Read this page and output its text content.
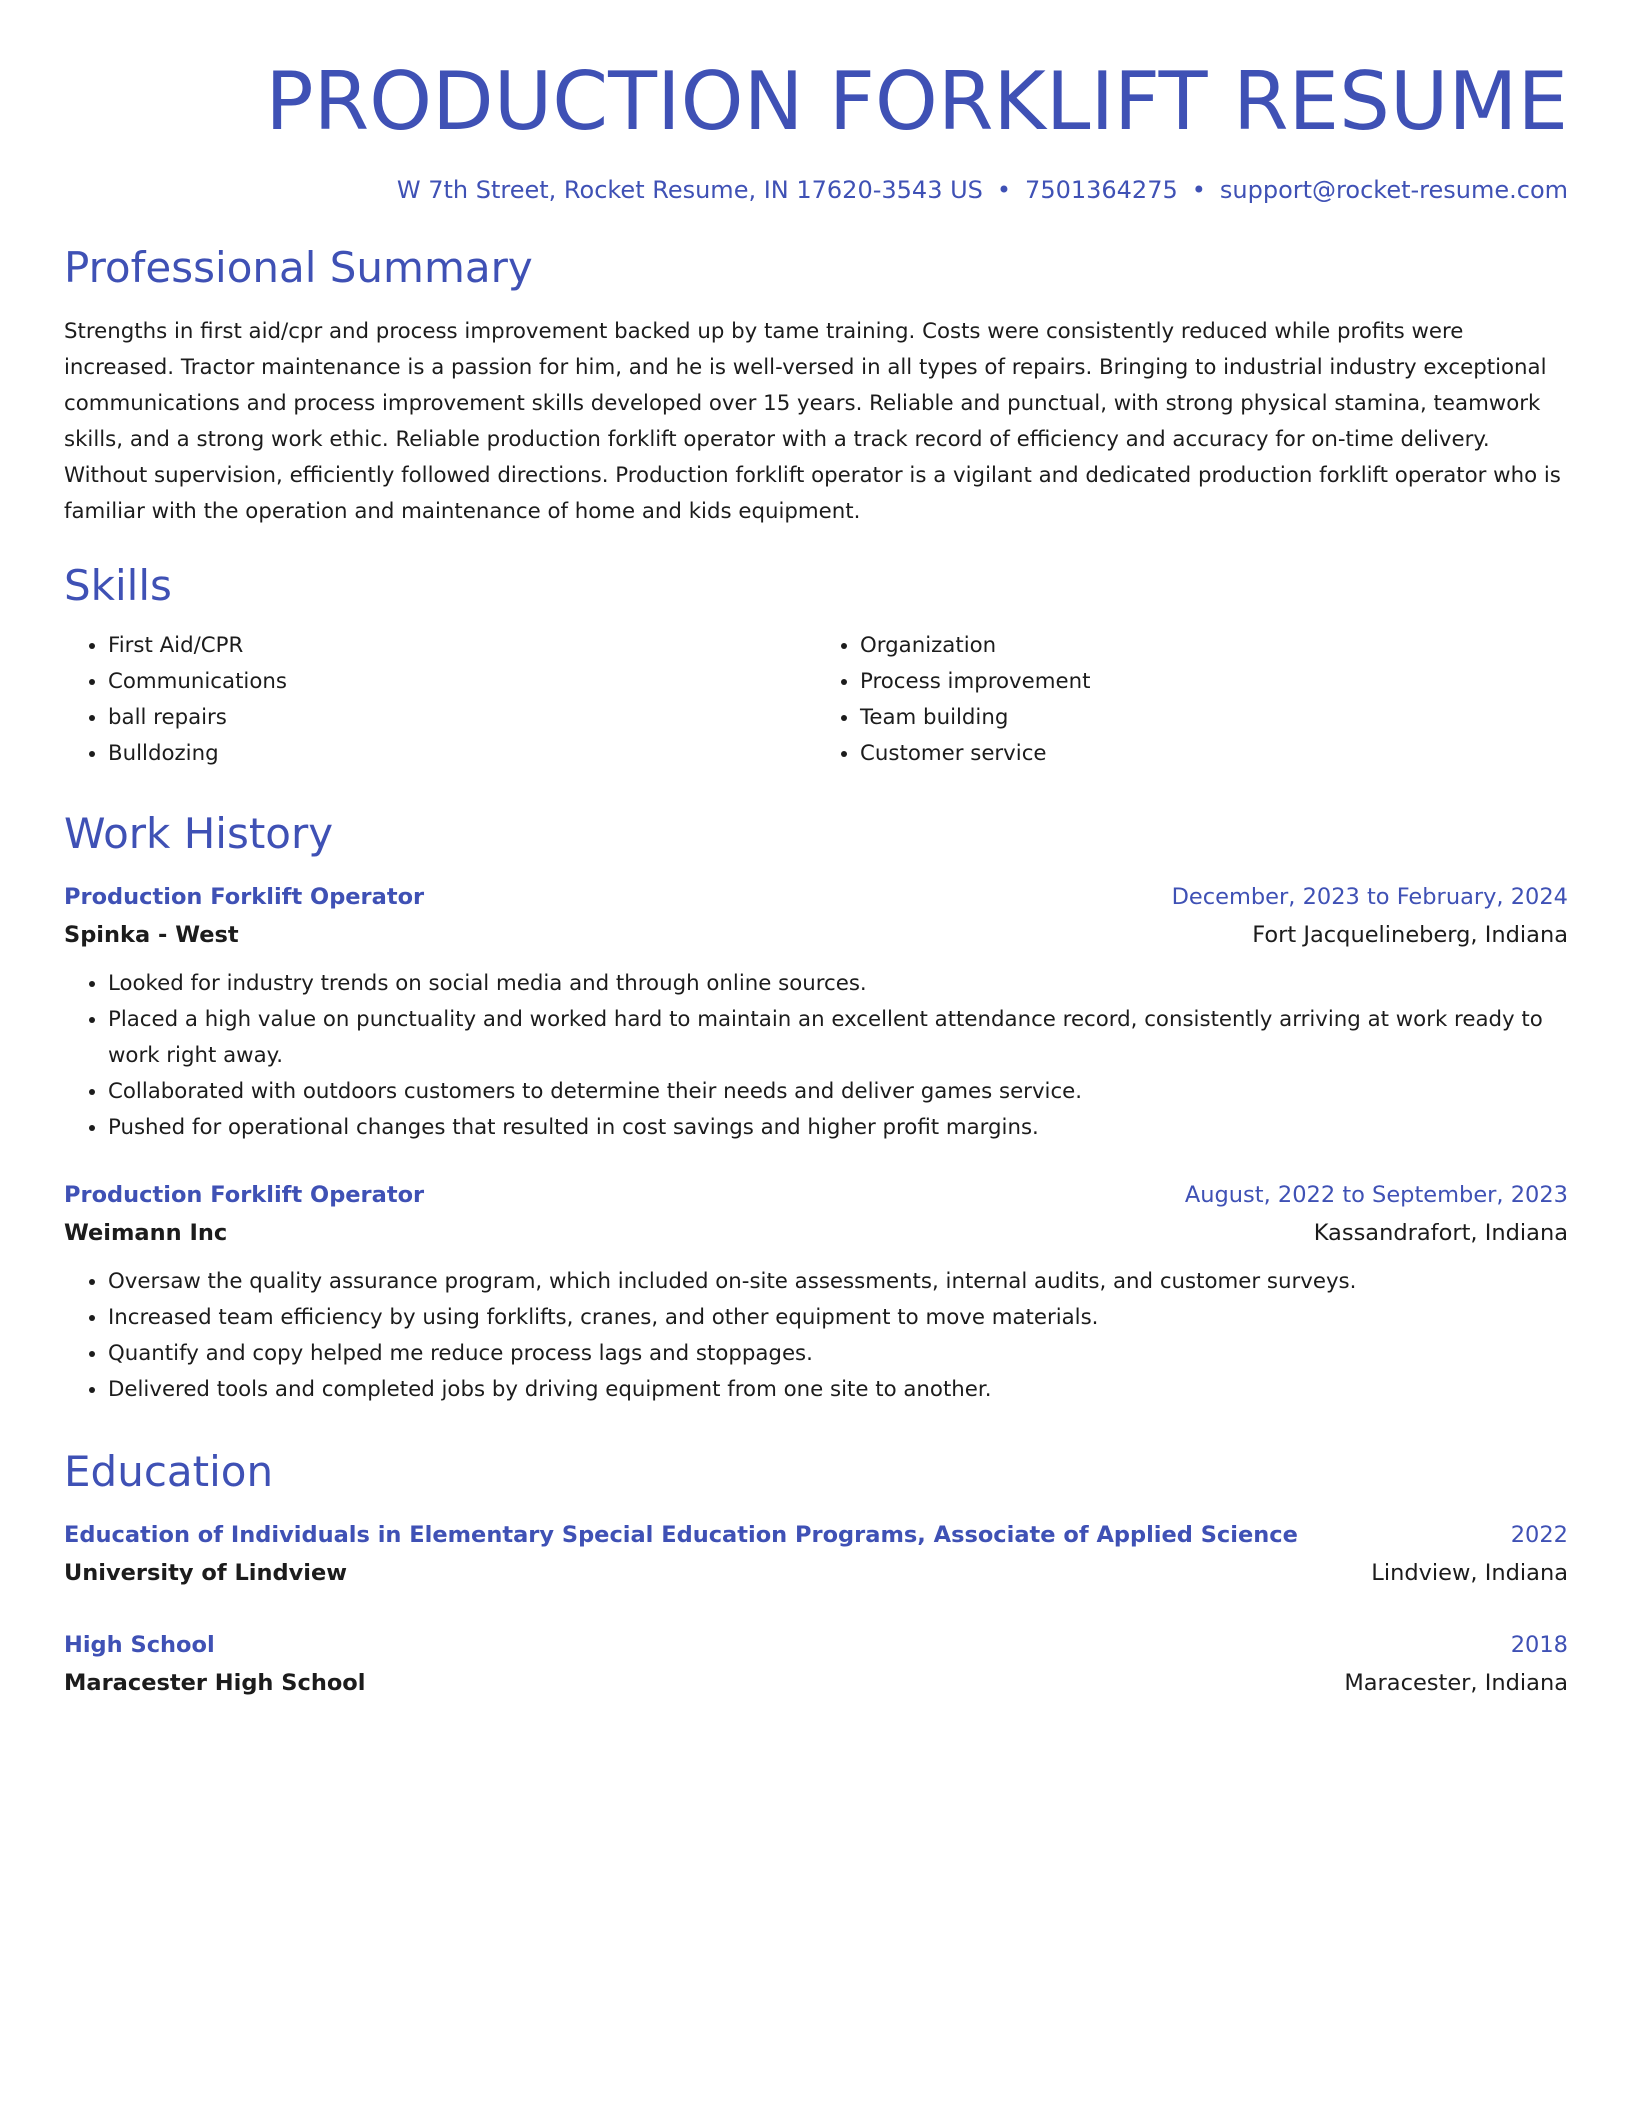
PRODUCTION FORKLIFT RESUME
W 7th Street, Rocket Resume, IN 17620-3543 US • 7501364275 • support@rocket-resume.com
Professional Summary

Strengths in first aid/cpr and process improvement backed up by tame training. Costs were consistently reduced while profits were increased. Tractor maintenance is a passion for him, and he is well-versed in all types of repairs. Bringing to industrial industry exceptional communications and process improvement skills developed over 15 years. Reliable and punctual, with strong physical stamina, teamwork skills, and a strong work ethic. Reliable production forklift operator with a track record of efficiency and accuracy for on-time delivery. Without supervision, efficiently followed directions. Production forklift operator is a vigilant and dedicated production forklift operator who is familiar with the operation and maintenance of home and kids equipment.

Skills
• First Aid/CPR
• Communications
• ball repairs
• Bulldozing
• Organization
• Process improvement
• Team building
• Customer service
Work History
Production Forklift Operator	December, 2023 to February, 2024
Spinka - West	Fort Jacquelineberg, Indiana
• Looked for industry trends on social media and through online sources.
• Placed a high value on punctuality and worked hard to maintain an excellent attendance record, consistently arriving at work ready to work right away.
• Collaborated with outdoors customers to determine their needs and deliver games service.
• Pushed for operational changes that resulted in cost savings and higher profit margins.
Production Forklift Operator	August, 2022 to September, 2023
Weimann Inc	Kassandrafort, Indiana
• Oversaw the quality assurance program, which included on-site assessments, internal audits, and customer surveys.
• Increased team efficiency by using forklifts, cranes, and other equipment to move materials.
• Quantify and copy helped me reduce process lags and stoppages.
• Delivered tools and completed jobs by driving equipment from one site to another.
Education
Education of Individuals in Elementary Special Education Programs, Associate of Applied Science	2022
University of Lindview	Lindview, Indiana
High School	2018
Maracester High School	Maracester, Indiana
